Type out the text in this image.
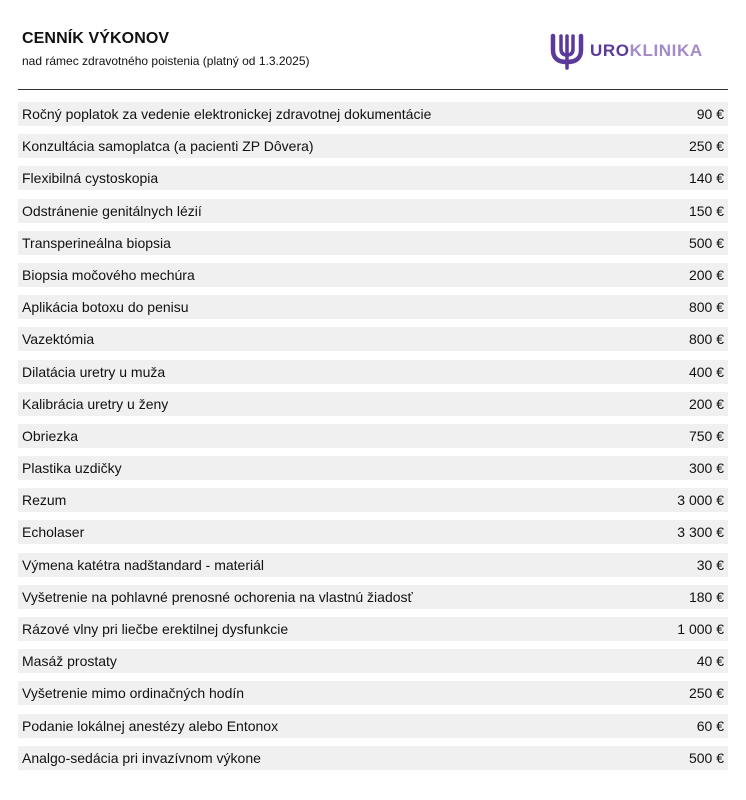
CENNÍK VÝKONOV
nad rámec zdravotného poistenia (platný od 1.3.2025)
UROKLINIKA
Ročný poplatok za vedenie elektronickej zdravotnej dokumentácie	90 €
Konzultácia samoplatca (a pacienti ZP Dôvera)	250 €
Flexibilná cystoskopia	140 €
Odstránenie genitálnych lézií	150 €
Transperineálna biopsia	500 €
Biopsia močového mechúra	200 €
Aplikácia botoxu do penisu	800 €
Vazektómia	800 €
Dilatácia uretry u muža	400 €
Kalibrácia uretry u ženy	200 €
Obriezka	750 €
Plastika uzdičky	300 €
Rezum	3 000 €
Echolaser	3 300 €
Výmena katétra nadštandard - materiál	30 €
Vyšetrenie na pohlavné prenosné ochorenia na vlastnú žiadosť	180 €
Rázové vlny pri liečbe erektilnej dysfunkcie	1 000 €
Masáž prostaty	40 €
Vyšetrenie mimo ordinačných hodín	250 €
Podanie lokálnej anestézy alebo Entonox	60 €
Analgo-sedácia pri invazívnom výkone	500 €
